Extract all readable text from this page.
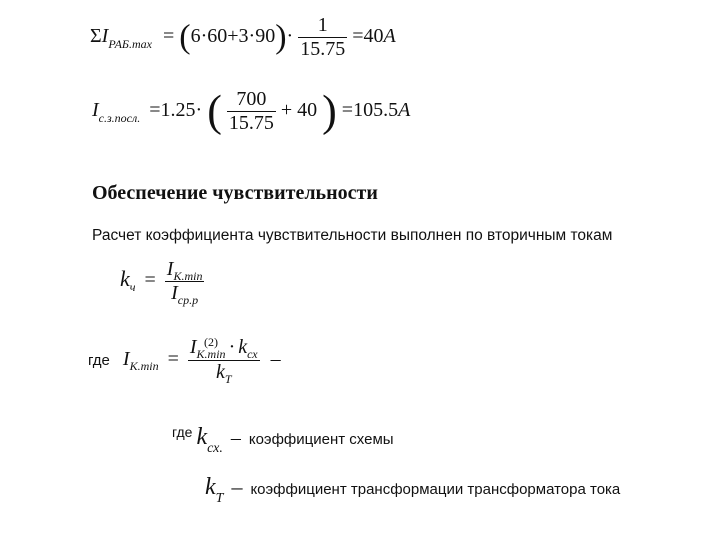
$\Sigma I_{РАБ.max} = (6\cdot 60+3\cdot 90)\cdot \frac{1}{15.75} =40A$
$I_{с.з.посл.} =1.25\cdot$ ( $\frac{700}{15.75} + 40$ ) =105.5A
Обеспечение чувствительности
Расчет коэффициента чувствительности выполнен по вторичным токам
$k_ч = \frac{I_{K.min}}{I_{ср.р}}$
где $I_{K.min} = I$ (2)
$K.\min \cdot k_{сх}$
$k_T$ –
где kсх. – коэффициент схемы
kT – коэффициент трансформации трансформатора тока
